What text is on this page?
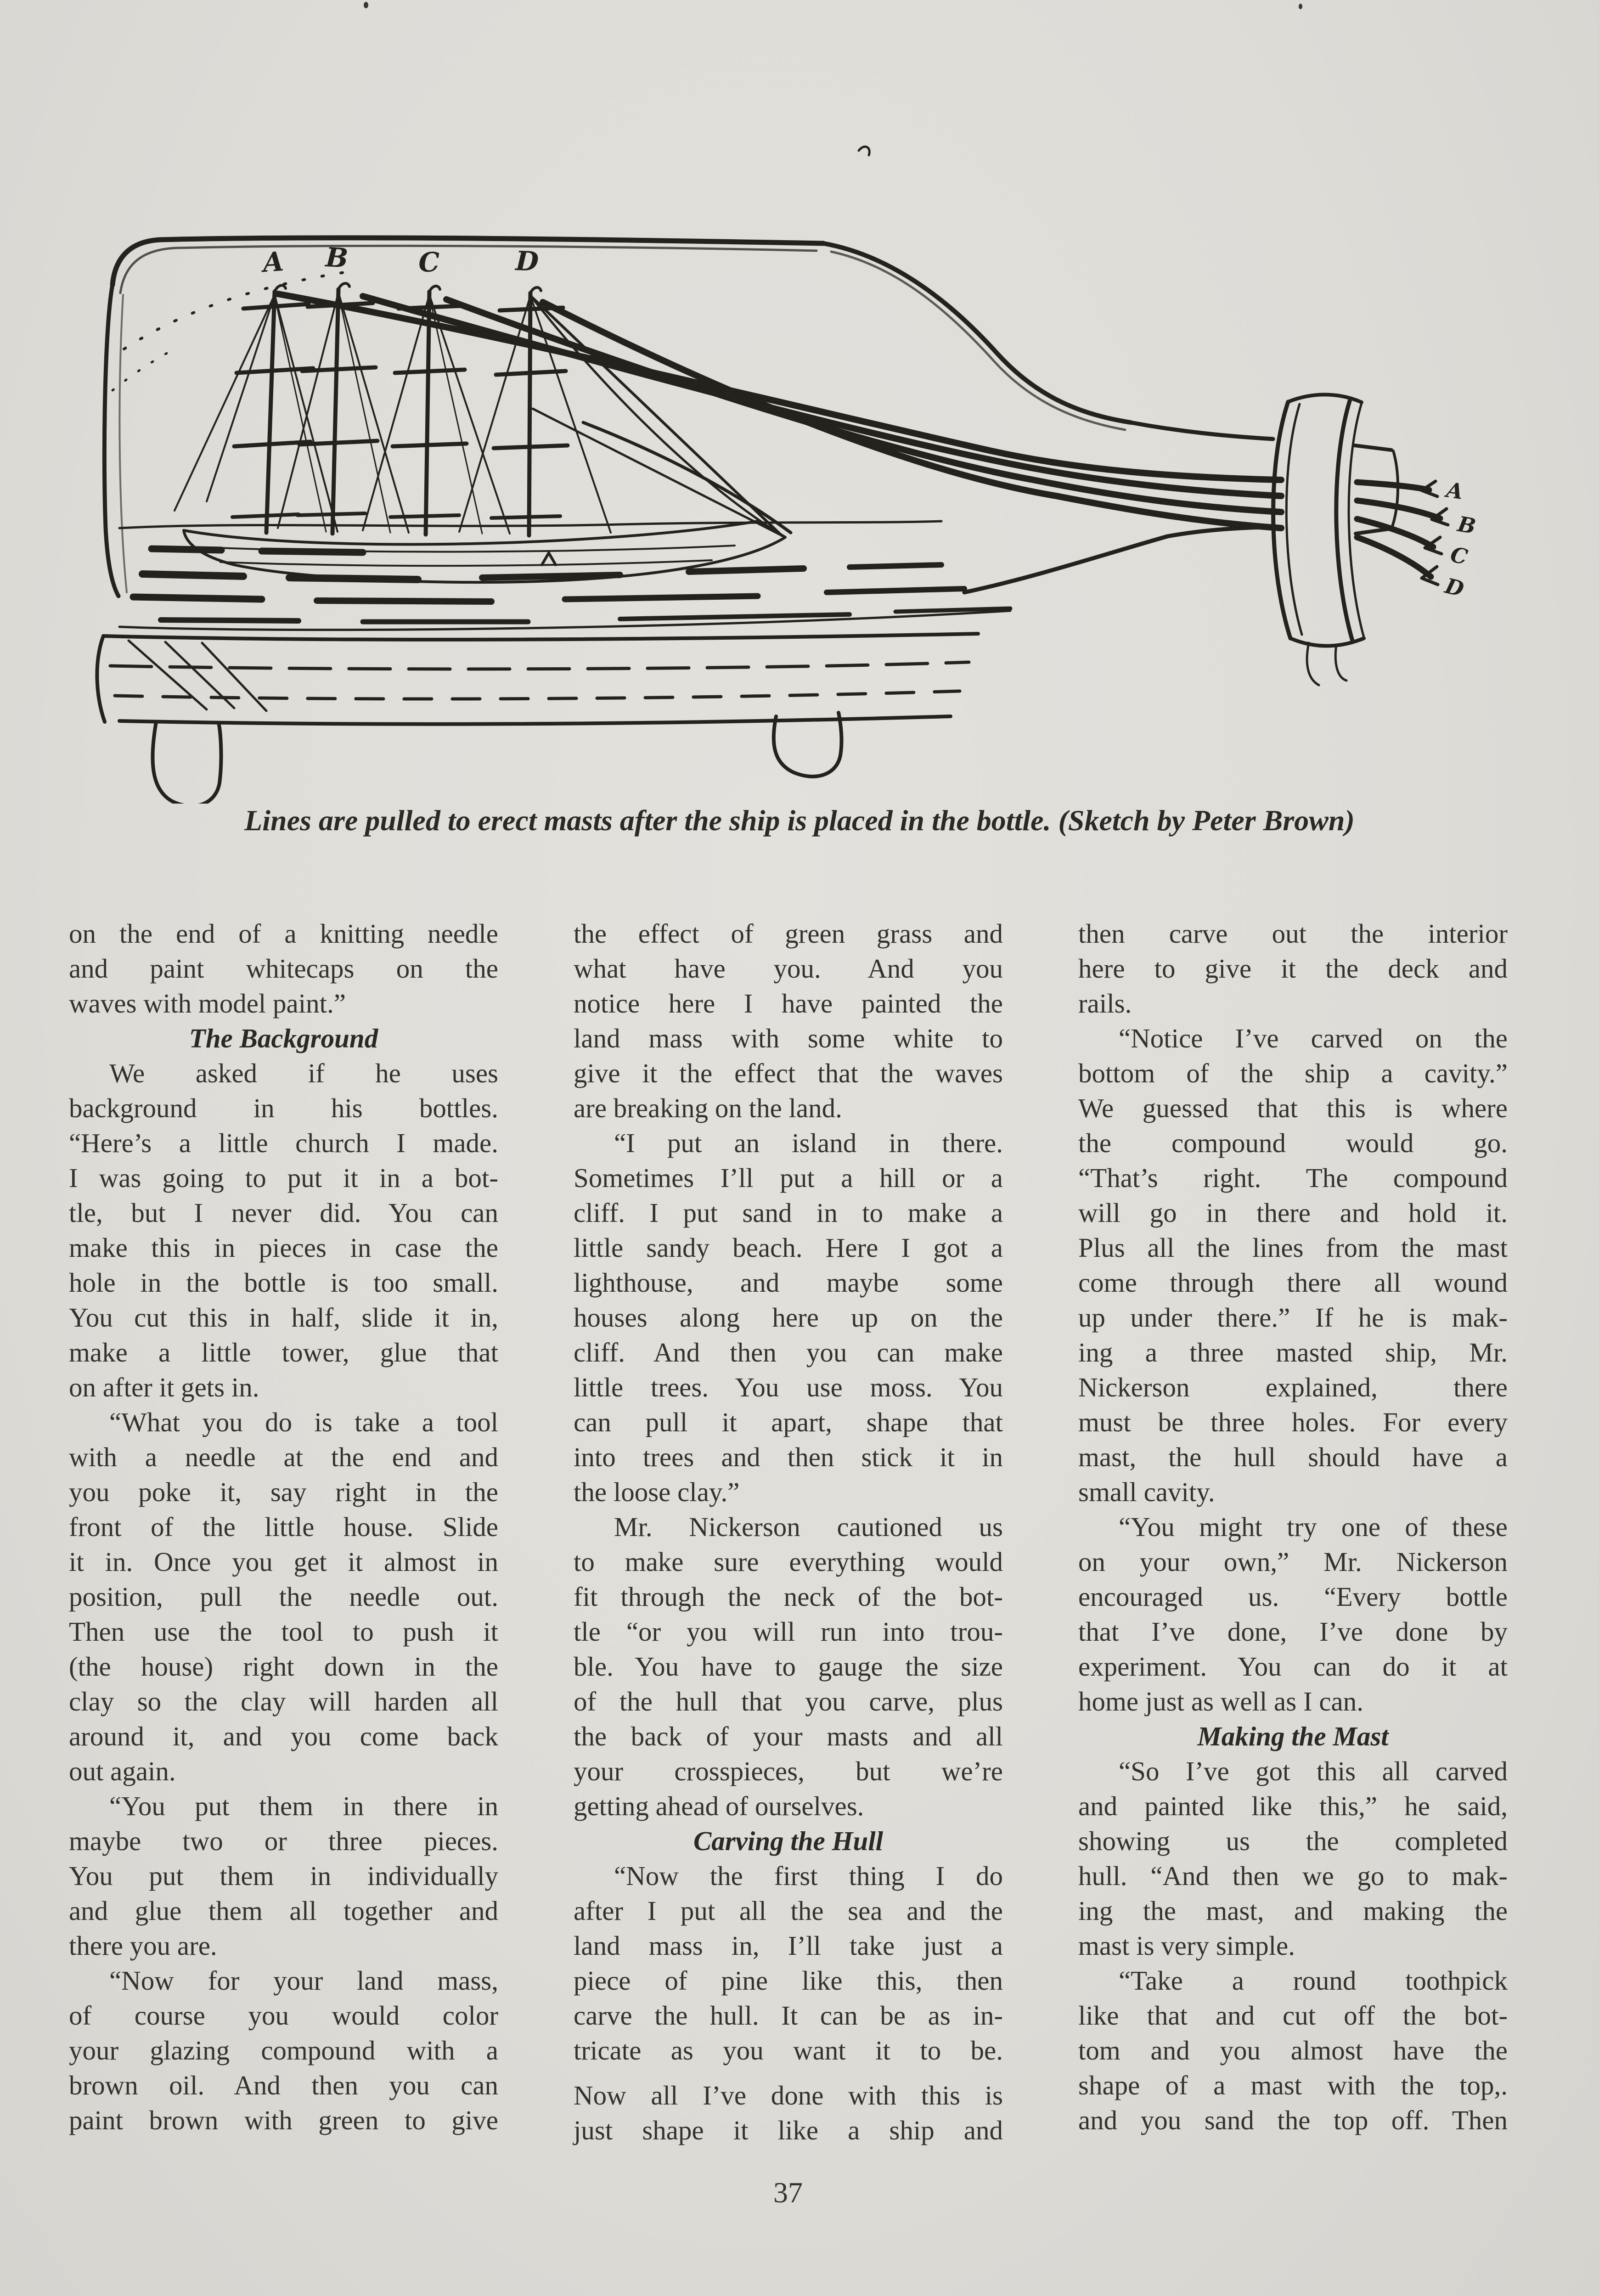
A B	C	D
A
B
C
D
Lines are pulled to erect masts after the ship is placed in the bottle. (Sketch by Peter Brown)
on the end of a knitting needle
and paint whitecaps on the
waves with model paint.”
The Background
We asked if he uses
background in his bottles.
“Here’s a little church I made.
I was going to put it in a bot-
tle, but I never did. You can
make this in pieces in case the
hole in the bottle is too small.
You cut this in half, slide it in,
make a little tower, glue that
on after it gets in.
“What you do is take a tool
with a needle at the end and
you poke it, say right in the
front of the little house. Slide
it in. Once you get it almost in
position, pull the needle out.
Then use the tool to push it
(the house) right down in the
clay so the clay will harden all
around it, and you come back
out again.
“You put them in there in
maybe two or three pieces.
You put them in individually
and glue them all together and
there you are.
“Now for your land mass,
of course you would color
your glazing compound with a
brown oil. And then you can
paint brown with green to give
the effect of green grass and
what have you. And you
notice here I have painted the
land mass with some white to
give it the effect that the waves
are breaking on the land.
“I put an island in there.
Sometimes I’ll put a hill or a
cliff. I put sand in to make a
little sandy beach. Here I got a
lighthouse, and maybe some
houses along here up on the
cliff. And then you can make
little trees. You use moss. You
can pull it apart, shape that
into trees and then stick it in
the loose clay.”
Mr. Nickerson cautioned us
to make sure everything would
fit through the neck of the bot-
tle “or you will run into trou-
ble. You have to gauge the size
of the hull that you carve, plus
the back of your masts and all
your crosspieces, but we’re
getting ahead of ourselves.
Carving the Hull
“Now the first thing I do
after I put all the sea and the
land mass in, I’ll take just a
piece of pine like this, then
carve the hull. It can be as in-
tricate as you want it to be.
Now all I’ve done with this is
just shape it like a ship and
then carve out the interior
here to give it the deck and
rails.
“Notice I’ve carved on the
bottom of the ship a cavity.”
We guessed that this is where
the compound would go.
“That’s right. The compound
will go in there and hold it.
Plus all the lines from the mast
come through there all wound
up under there.” If he is mak-
ing a three masted ship, Mr.
Nickerson explained, there
must be three holes. For every
mast, the hull should have a
small cavity.
“You might try one of these
on your own,” Mr. Nickerson
encouraged us. “Every bottle
that I’ve done, I’ve done by
experiment. You can do it at
home just as well as I can.
Making the Mast
“So I’ve got this all carved
and painted like this,” he said,
showing us the completed
hull. “And then we go to mak-
ing the mast, and making the
mast is very simple.
“Take a round toothpick
like that and cut off the bot-
tom and you almost have the
shape of a mast with the top,.
and you sand the top off. Then
37
